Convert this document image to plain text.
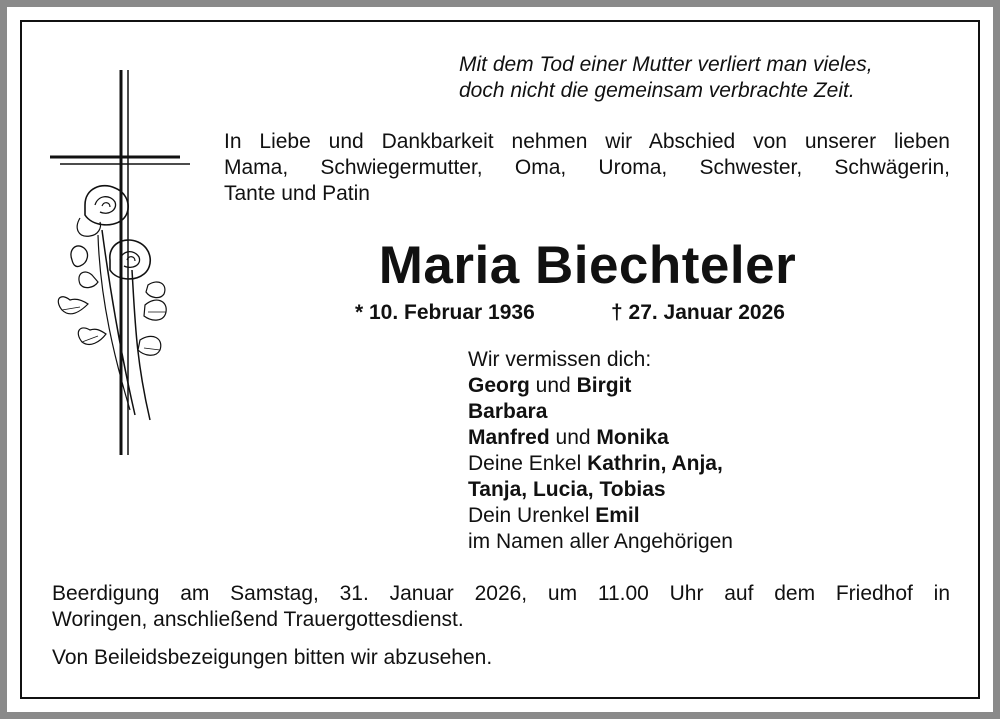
Mit dem Tod einer Mutter verliert man vieles,
doch nicht die gemeinsam verbrachte Zeit.
In Liebe und Dankbarkeit nehmen wir Abschied von unserer lieben
Mama, Schwiegermutter, Oma, Uroma, Schwester, Schwägerin,
Tante und Patin
Maria Biechteler
* 10. Februar 1936	† 27. Januar 2026
Wir vermissen dich:
Georg und Birgit
Barbara
Manfred und Monika
Deine Enkel Kathrin, Anja,
Tanja, Lucia, Tobias
Dein Urenkel Emil
im Namen aller Angehörigen
Beerdigung am Samstag, 31. Januar 2026, um 11.00 Uhr auf dem Friedhof in
Woringen, anschließend Trauergottesdienst.
Von Beileidsbezeigungen bitten wir abzusehen.
